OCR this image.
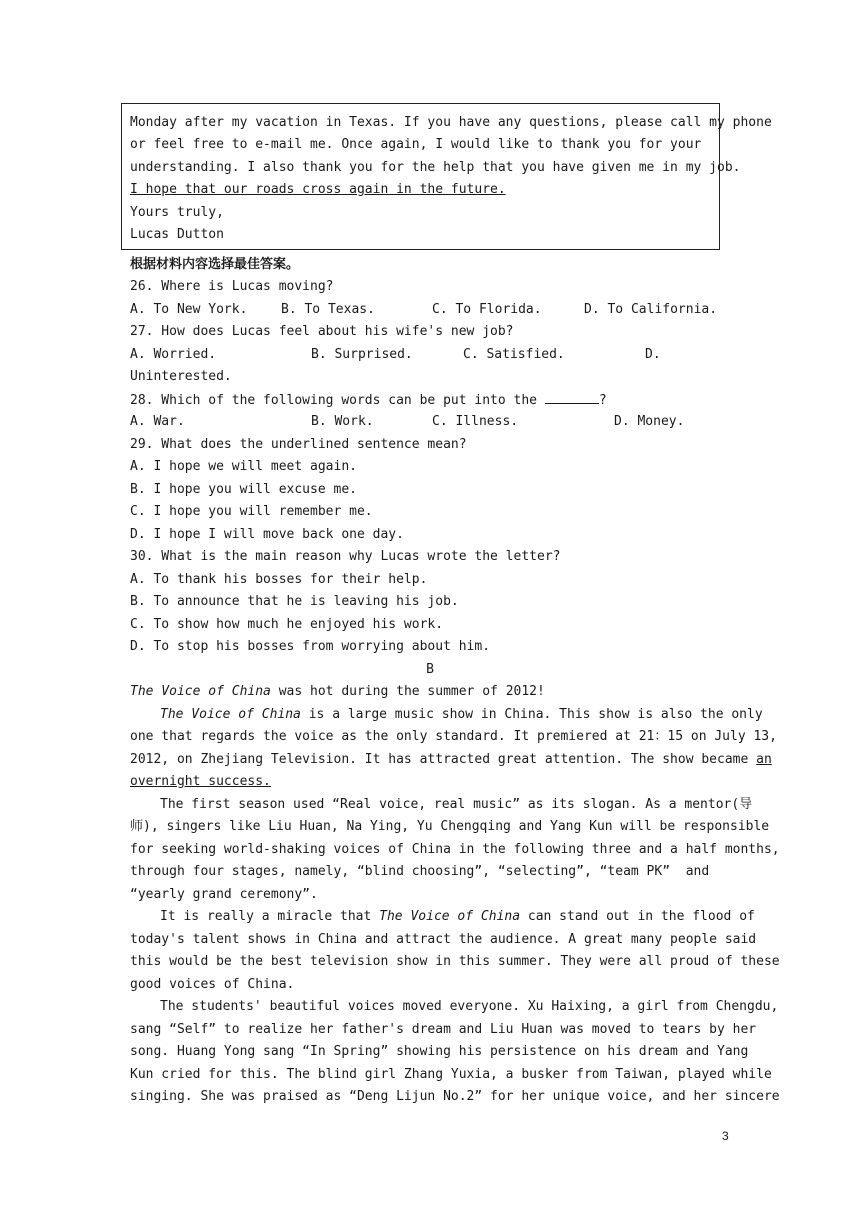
Monday after my vacation in Texas. If you have any questions, please call my phone
or feel free to e-mail me. Once again, I would like to thank you for your
understanding. I also thank you for the help that you have given me in my job.
I hope that our roads cross again in the future.
Yours truly,
Lucas Dutton
根据材料内容选择最佳答案。
26. Where is Lucas moving?
A. To New York.	B. To Texas.	C. To Florida.	D. To California.
27. How does Lucas feel about his wife's new job?
A. Worried.	B. Surprised.	C. Satisfied.	D.
Uninterested.
28. Which of the following words can be put into the	?
A. War.	B. Work.	C. Illness.	D. Money.
29. What does the underlined sentence mean?
A. I hope we will meet again.
B. I hope you will excuse me.
C. I hope you will remember me.
D. I hope I will move back one day.
30. What is the main reason why Lucas wrote the letter?
A. To thank his bosses for their help.
B. To announce that he is leaving his job.
C. To show how much he enjoyed his work.
D. To stop his bosses from worrying about him.
B
The Voice of China was hot during the summer of 2012!
The Voice of China is a large music show in China. This show is also the only
one that regards the voice as the only standard. It premiered at 21：15 on July 13,
2012, on Zhejiang Television. It has attracted great attention. The show became an
overnight success.
The first season used “Real voice, real music” as its slogan. As a mentor(导
师), singers like Liu Huan, Na Ying, Yu Chengqing and Yang Kun will be responsible
for seeking world-shaking voices of China in the following three and a half months,
through four stages, namely, “blind choosing”, “selecting”, “team PK”  and
“yearly grand ceremony”.
It is really a miracle that The Voice of China can stand out in the flood of
today's talent shows in China and attract the audience. A great many people said
this would be the best television show in this summer. They were all proud of these
good voices of China.
The students' beautiful voices moved everyone. Xu Haixing, a girl from Chengdu,
sang “Self” to realize her father's dream and Liu Huan was moved to tears by her
song. Huang Yong sang “In Spring” showing his persistence on his dream and Yang
Kun cried for this. The blind girl Zhang Yuxia, a busker from Taiwan, played while
singing. She was praised as “Deng Lijun No.2” for her unique voice, and her sincere
3
